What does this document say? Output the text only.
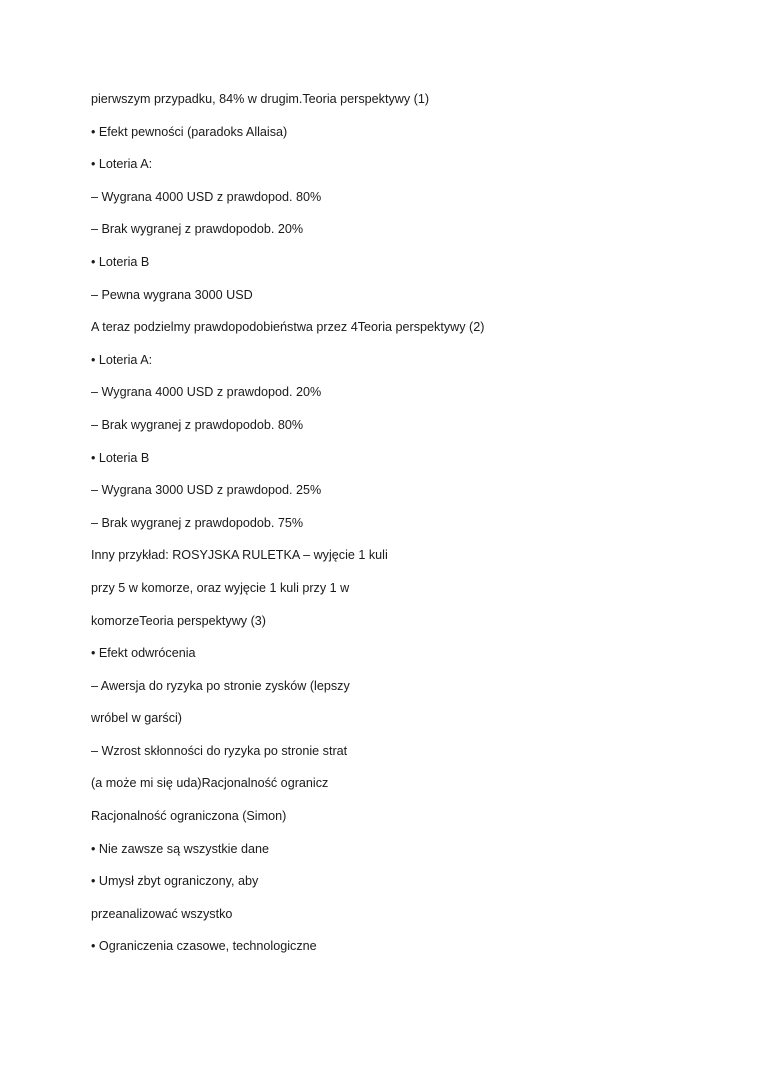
pierwszym przypadku, 84% w drugim.Teoria perspektywy (1)
• Efekt pewności (paradoks Allaisa)
• Loteria A:
– Wygrana 4000 USD z prawdopod. 80%
– Brak wygranej z prawdopodob. 20%
• Loteria B
– Pewna wygrana 3000 USD
A teraz podzielmy prawdopodobieństwa przez 4Teoria perspektywy (2)
• Loteria A:
– Wygrana 4000 USD z prawdopod. 20%
– Brak wygranej z prawdopodob. 80%
• Loteria B
– Wygrana 3000 USD z prawdopod. 25%
– Brak wygranej z prawdopodob. 75%
Inny przykład: ROSYJSKA RULETKA – wyjęcie 1 kuli
przy 5 w komorze, oraz wyjęcie 1 kuli przy 1 w
komorzeTeoria perspektywy (3)
• Efekt odwrócenia
– Awersja do ryzyka po stronie zysków (lepszy
wróbel w garści)
– Wzrost skłonności do ryzyka po stronie strat
(a może mi się uda)Racjonalność ogranicz
Racjonalność ograniczona (Simon)
• Nie zawsze są wszystkie dane
• Umysł zbyt ograniczony, aby
przeanalizować wszystko
• Ograniczenia czasowe, technologiczne
